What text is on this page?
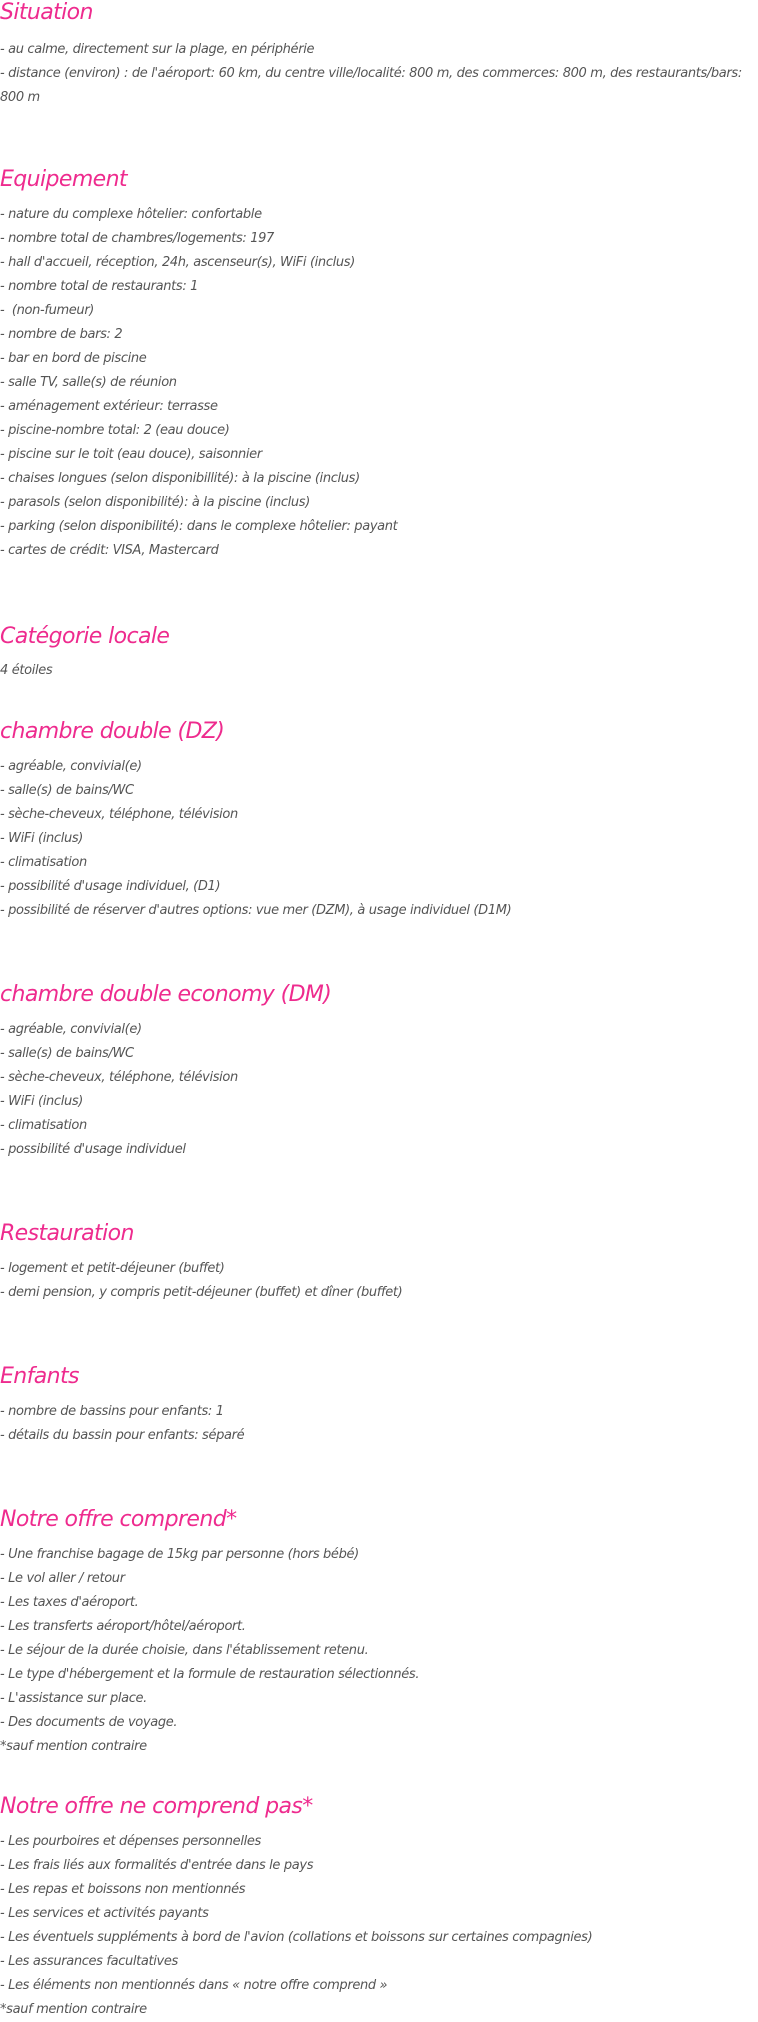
Situation
- au calme, directement sur la plage, en périphérie
- distance (environ) : de l'aéroport: 60 km, du centre ville/localité: 800 m, des commerces: 800 m, des restaurants/bars: 800 m
Equipement
- nature du complexe hôtelier: confortable
- nombre total de chambres/logements: 197
- hall d'accueil, réception, 24h, ascenseur(s), WiFi (inclus)
- nombre total de restaurants: 1
-  (non-fumeur)
- nombre de bars: 2
- bar en bord de piscine
- salle TV, salle(s) de réunion
- aménagement extérieur: terrasse
- piscine-nombre total: 2 (eau douce)
- piscine sur le toit (eau douce), saisonnier
- chaises longues (selon disponibillité): à la piscine (inclus)
- parasols (selon disponibilité): à la piscine (inclus)
- parking (selon disponibilité): dans le complexe hôtelier: payant
- cartes de crédit: VISA, Mastercard
Catégorie locale

4 étoiles

chambre double (DZ)
- agréable, convivial(e)
- salle(s) de bains/WC
- sèche-cheveux, téléphone, télévision
- WiFi (inclus)
- climatisation
- possibilité d'usage individuel, (D1)
- possibilité de réserver d'autres options: vue mer (DZM), à usage individuel (D1M)
chambre double economy (DM)
- agréable, convivial(e)
- salle(s) de bains/WC
- sèche-cheveux, téléphone, télévision
- WiFi (inclus)
- climatisation
- possibilité d'usage individuel
Restauration
- logement et petit-déjeuner (buffet)
- demi pension, y compris petit-déjeuner (buffet) et dîner (buffet)
Enfants
- nombre de bassins pour enfants: 1
- détails du bassin pour enfants: séparé
Notre offre comprend*
- Une franchise bagage de 15kg par personne (hors bébé)
- Le vol aller / retour
- Les taxes d'aéroport.
- Les transferts aéroport/hôtel/aéroport.
- Le séjour de la durée choisie, dans l'établissement retenu.
- Le type d'hébergement et la formule de restauration sélectionnés.
- L'assistance sur place.
- Des documents de voyage.
*sauf mention contraire
Notre offre ne comprend pas*
- Les pourboires et dépenses personnelles
- Les frais liés aux formalités d'entrée dans le pays
- Les repas et boissons non mentionnés
- Les services et activités payants
- Les éventuels suppléments à bord de l'avion (collations et boissons sur certaines compagnies)
- Les assurances facultatives
- Les éléments non mentionnés dans « notre offre comprend »
*sauf mention contraire
